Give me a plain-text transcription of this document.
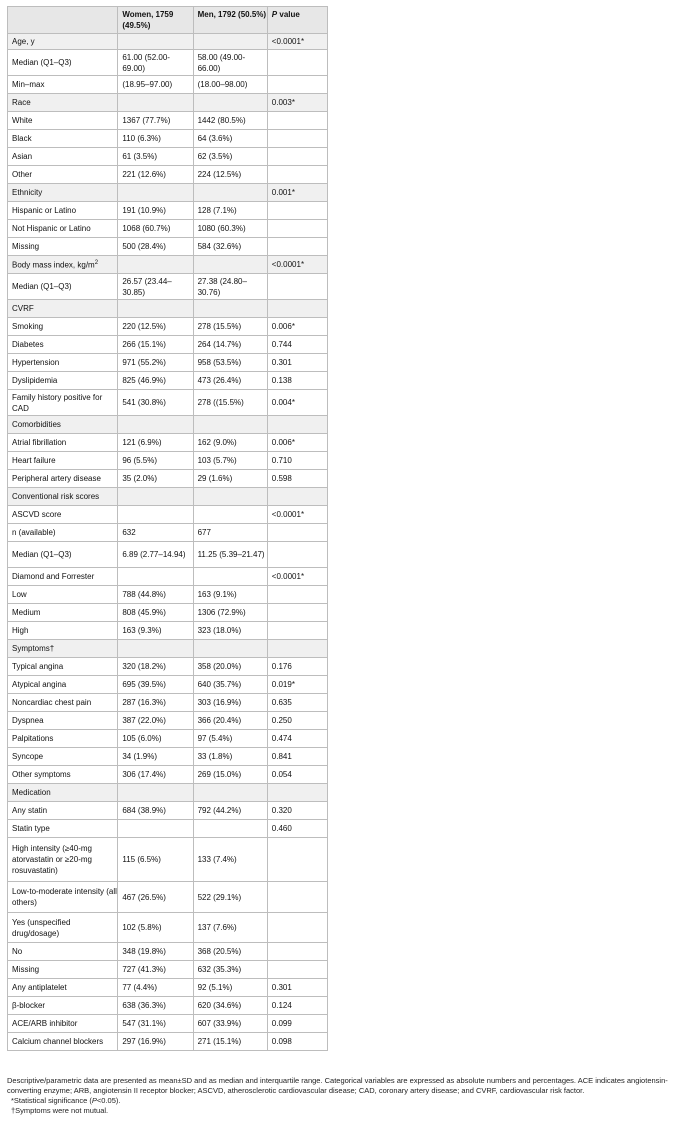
	Women, 1759 (49.5%)	Men, 1792 (50.5%)	P value
Age, y			<0.0001*
Median (Q1–Q3)	61.00 (52.00-69.00)	58.00 (49.00-66.00)	
Min–max	(18.95–97.00)	(18.00–98.00)	
Race			0.003*
White	1367 (77.7%)	1442 (80.5%)	
Black	110 (6.3%)	64 (3.6%)	
Asian	61 (3.5%)	62 (3.5%)	
Other	221 (12.6%)	224 (12.5%)	
Ethnicity			0.001*
Hispanic or Latino	191 (10.9%)	128 (7.1%)	
Not Hispanic or Latino	1068 (60.7%)	1080 (60.3%)	
Missing	500 (28.4%)	584 (32.6%)	
Body mass index, $kg/m^2$			<0.0001*
Median (Q1–Q3)	26.57 (23.44–30.85)	27.38 (24.80–30.76)	
CVRF			
Smoking	220 (12.5%)	278 (15.5%)	0.006*
Diabetes	266 (15.1%)	264 (14.7%)	0.744
Hypertension	971 (55.2%)	958 (53.5%)	0.301
Dyslipidemia	825 (46.9%)	473 (26.4%)	0.138
Family history positive for CAD	541 (30.8%)	278 ((15.5%)	0.004*
Comorbidities			
Atrial fibrillation	121 (6.9%)	162 (9.0%)	0.006*
Heart failure	96 (5.5%)	103 (5.7%)	0.710
Peripheral artery disease	35 (2.0%)	29 (1.6%)	0.598
Conventional risk scores			
ASCVD score			<0.0001*
n (available)	632	677	
Median (Q1–Q3)	6.89 (2.77–14.94)	11.25 (5.39–21.47)	
Diamond and Forrester			<0.0001*
Low	788 (44.8%)	163 (9.1%)	
Medium	808 (45.9%)	1306 (72.9%)	
High	163 (9.3%)	323 (18.0%)	
Symptoms†			
Typical angina	320 (18.2%)	358 (20.0%)	0.176
Atypical angina	695 (39.5%)	640 (35.7%)	0.019*
Noncardiac chest pain	287 (16.3%)	303 (16.9%)	0.635
Dyspnea	387 (22.0%)	366 (20.4%)	0.250
Palpitations	105 (6.0%)	97 (5.4%)	0.474
Syncope	34 (1.9%)	33 (1.8%)	0.841
Other symptoms	306 (17.4%)	269 (15.0%)	0.054
Medication			
Any statin	684 (38.9%)	792 (44.2%)	0.320
Statin type			0.460
High intensity (≥40-mg atorvastatin or ≥20-mg rosuvastatin)	115 (6.5%)	133 (7.4%)	
Low-to-moderate intensity (all others)	467 (26.5%)	522 (29.1%)	
Yes (unspecified drug/dosage)	102 (5.8%)	137 (7.6%)	
No	348 (19.8%)	368 (20.5%)	
Missing	727 (41.3%)	632 (35.3%)	
Any antiplatelet	77 (4.4%)	92 (5.1%)	0.301
β-blocker	638 (36.3%)	620 (34.6%)	0.124
ACE/ARB inhibitor	547 (31.1%)	607 (33.9%)	0.099
Calcium channel blockers	297 (16.9%)	271 (15.1%)	0.098

Descriptive/parametric data are presented as mean±SD and as median and interquartile range. Categorical variables are expressed as absolute numbers and percentages. ACE indicates angiotensin-converting enzyme; ARB, angiotensin II receptor blocker; ASCVD, atherosclerotic cardiovascular disease; CAD, coronary artery disease; and CVRF, cardiovascular risk factor.

*Statistical significance (P<0.05).

†Symptoms were not mutual.
